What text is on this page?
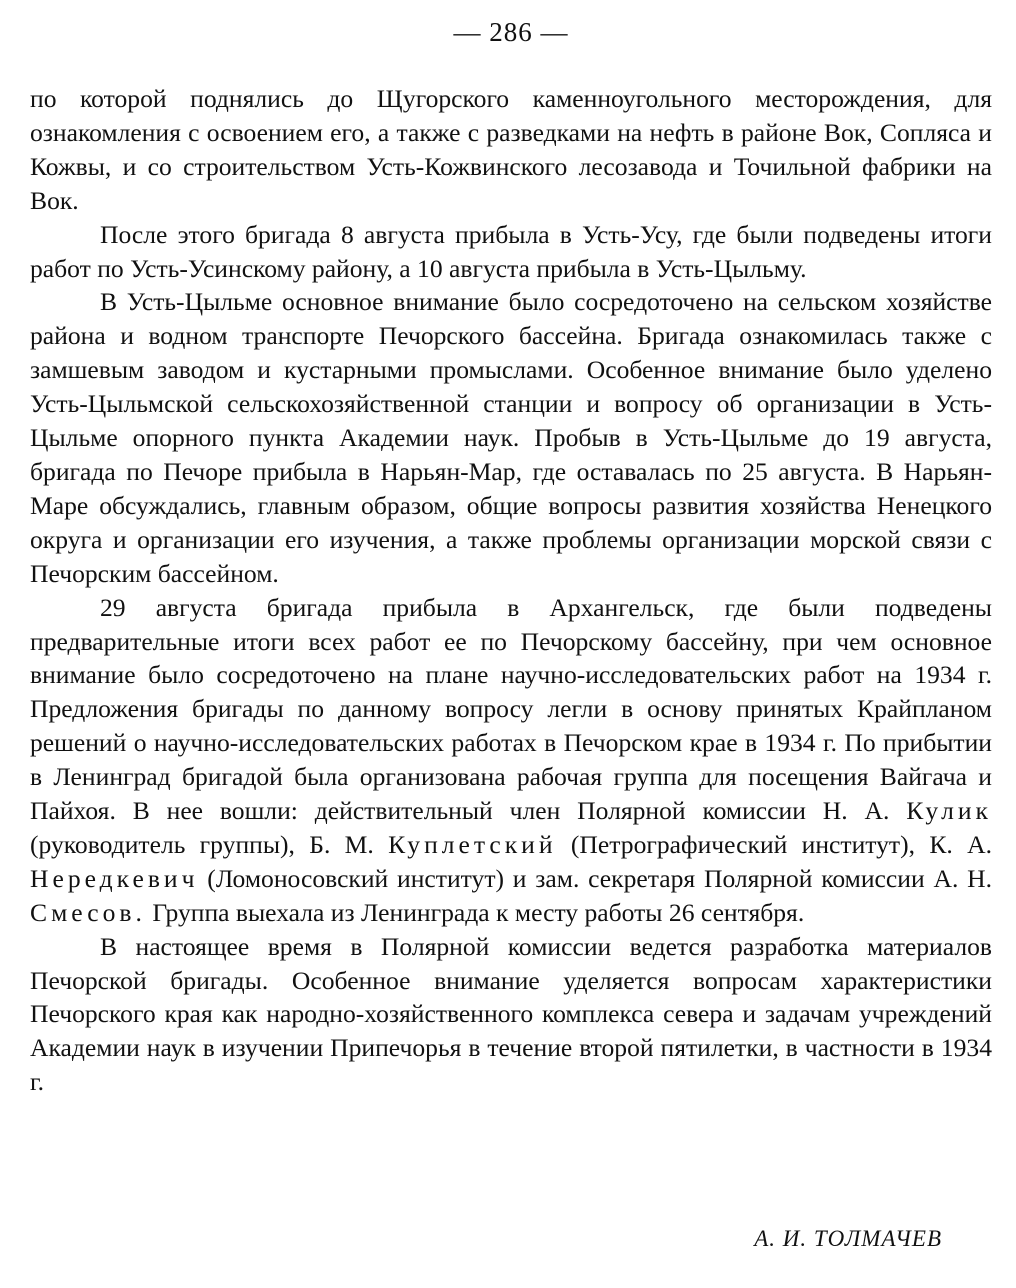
— 286 —

по которой поднялись до Щугорского каменноугольного месторождения, для ознакомления с освоением его, а также с разведками на нефть в районе Вок, Сопляса и Кожвы, и со строительством Усть-Кожвинского лесозавода и Точильной фабрики на Вок.

После этого бригада 8 августа прибыла в Усть-Усу, где были подведены итоги работ по Усть-Усинскому району, а 10 августа прибыла в Усть-Цыльму.

В Усть-Цыльме основное внимание было сосредоточено на сельском хозяйстве района и водном транспорте Печорского бассейна. Бригада ознакомилась также с замшевым заводом и кустарными промыслами. Особенное внимание было уделено Усть-Цыльмской сельскохозяйственной станции и вопросу об организации в Усть-Цыльме опорного пункта Академии наук. Пробыв в Усть-Цыльме до 19 августа, бригада по Печоре прибыла в Нарьян-Мар, где оставалась по 25 августа. В Нарьян-Маре обсуждались, главным образом, общие вопросы развития хозяйства Ненецкого округа и организации его изучения, а также проблемы организации морской связи с Печорским бассейном.

29 августа бригада прибыла в Архангельск, где были подведены предварительные итоги всех работ ее по Печорскому бассейну, при чем основное внимание было сосредоточено на плане научно-исследовательских работ на 1934 г. Предложения бригады по данному вопросу легли в основу принятых Крайпланом решений о научно-исследовательских работах в Печорском крае в 1934 г. По прибытии в Ленинград бригадой была организована рабочая группа для посещения Вайгача и Пайхоя. В нее вошли: действительный член Полярной комиссии Н. А. Кулик (руководитель группы), Б. М. Куплетский (Петрографический институт), К. А. Нередкевич (Ломоносовский институт) и зам. секретаря Полярной комиссии А. Н. Смесов. Группа выехала из Ленинграда к месту работы 26 сентября.

В настоящее время в Полярной комиссии ведется разработка материалов Печорской бригады. Особенное внимание уделяется вопросам характеристики Печорского края как народно-хозяйственного комплекса севера и задачам учреждений Академии наук в изучении Припечорья в течение второй пятилетки, в частности в 1934 г.

А. И. ТОЛМАЧЕВ
